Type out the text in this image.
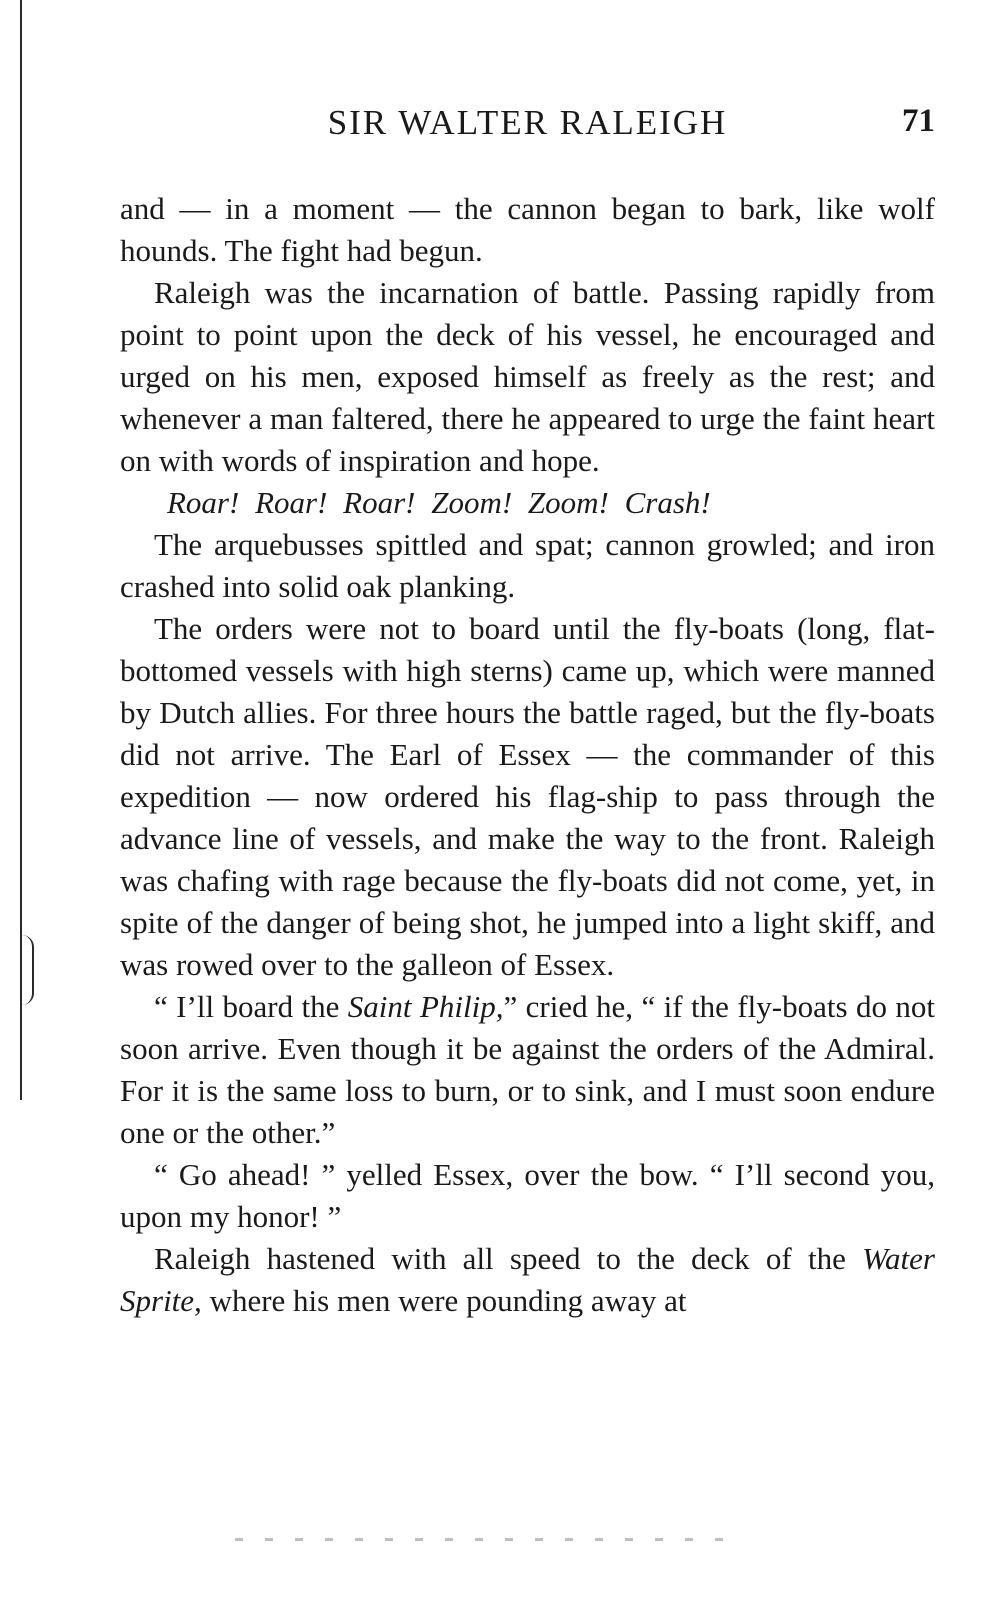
SIR WALTER RALEIGH	71

and — in a moment — the cannon began to bark, like wolf hounds. The fight had begun.

Raleigh was the incarnation of battle. Passing rapidly from point to point upon the deck of his vessel, he encouraged and urged on his men, exposed himself as freely as the rest; and whenever a man faltered, there he appeared to urge the faint heart on with words of inspiration and hope.

Roar! Roar! Roar! Zoom! Zoom! Crash!

The arquebusses spittled and spat; cannon growled; and iron crashed into solid oak planking.

The orders were not to board until the fly-boats (long, flat-bottomed vessels with high sterns) came up, which were manned by Dutch allies. For three hours the battle raged, but the fly-boats did not arrive. The Earl of Essex — the commander of this expedition — now ordered his flag-ship to pass through the advance line of vessels, and make the way to the front. Raleigh was chafing with rage because the fly-boats did not come, yet, in spite of the danger of being shot, he jumped into a light skiff, and was rowed over to the galleon of Essex.

“ I’ll board the Saint Philip,” cried he, “ if the fly-boats do not soon arrive. Even though it be against the orders of the Admiral. For it is the same loss to burn, or to sink, and I must soon endure one or the other.”

“ Go ahead! ” yelled Essex, over the bow. “ I’ll second you, upon my honor! ”

Raleigh hastened with all speed to the deck of the Water Sprite, where his men were pounding away at
